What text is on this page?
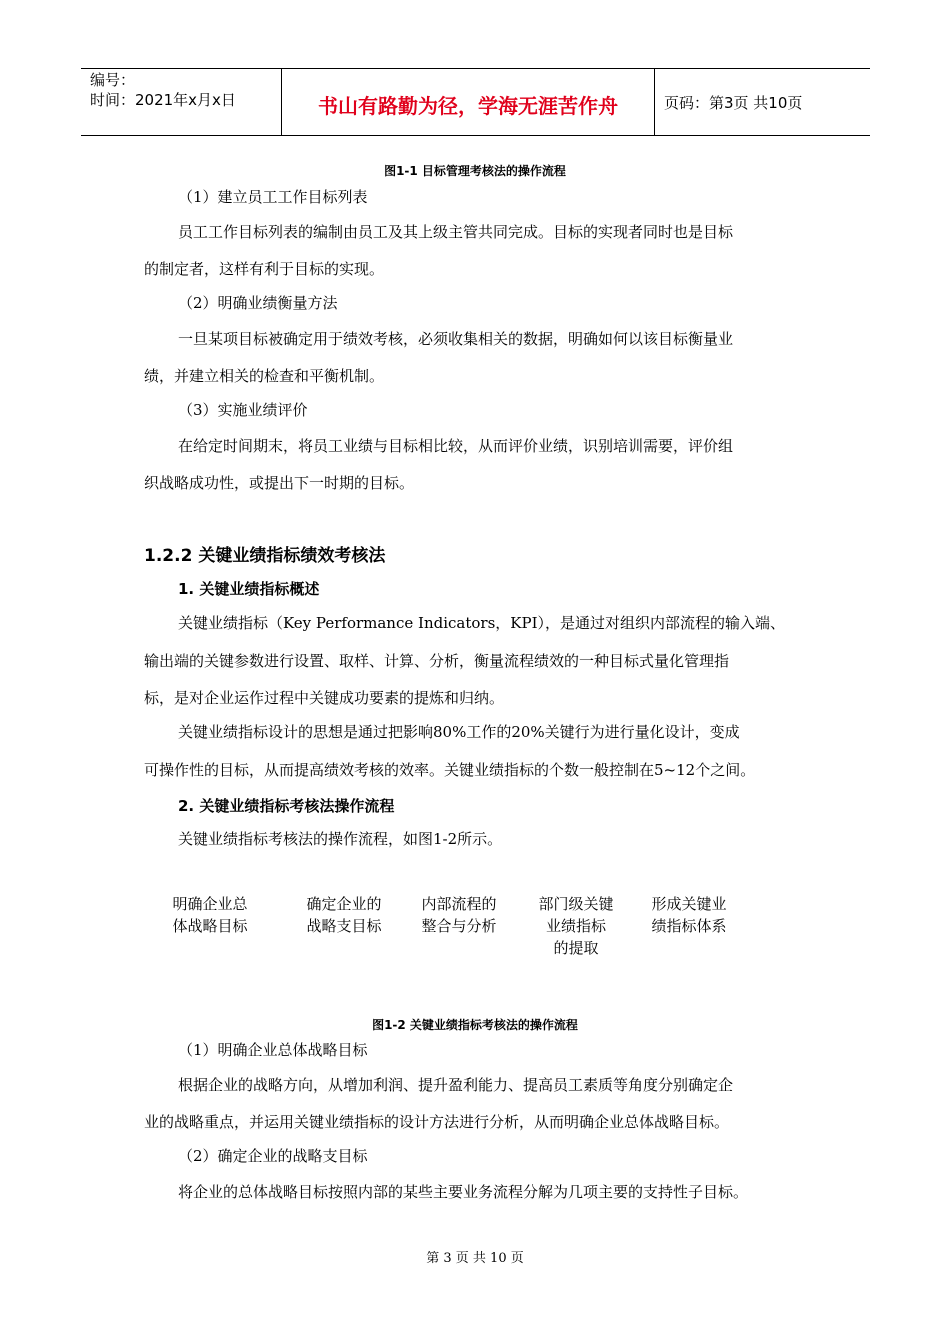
编号：
时间：2021年x月x日	书山有路勤为径，学海无涯苦作舟	页码：第3页 共10页
图1-1 目标管理考核法的操作流程
（1）建立员工工作目标列表
员工工作目标列表的编制由员工及其上级主管共同完成。目标的实现者同时也是目标
的制定者，这样有利于目标的实现。
（2）明确业绩衡量方法
一旦某项目标被确定用于绩效考核，必须收集相关的数据，明确如何以该目标衡量业
绩，并建立相关的检查和平衡机制。
（3）实施业绩评价
在给定时间期末，将员工业绩与目标相比较，从而评价业绩，识别培训需要，评价组
织战略成功性，或提出下一时期的目标。
1.2.2 关键业绩指标绩效考核法
1. 关键业绩指标概述
关键业绩指标（Key Performance Indicators，KPI），是通过对组织内部流程的输入端、
输出端的关键参数进行设置、取样、计算、分析，衡量流程绩效的一种目标式量化管理指
标，是对企业运作过程中关键成功要素的提炼和归纳。
关键业绩指标设计的思想是通过把影响80%工作的20%关键行为进行量化设计，变成
可操作性的目标，从而提高绩效考核的效率。关键业绩指标的个数一般控制在5~12个之间。
2. 关键业绩指标考核法操作流程
关键业绩指标考核法的操作流程，如图1-2所示。
明确企业总
体战略目标
确定企业的
战略支目标
内部流程的
整合与分析
部门级关键
业绩指标
的提取
形成关键业
绩指标体系
图1-2 关键业绩指标考核法的操作流程
（1）明确企业总体战略目标
根据企业的战略方向，从增加利润、提升盈利能力、提高员工素质等角度分别确定企
业的战略重点，并运用关键业绩指标的设计方法进行分析，从而明确企业总体战略目标。
（2）确定企业的战略支目标
将企业的总体战略目标按照内部的某些主要业务流程分解为几项主要的支持性子目标。
第 3 页 共 10 页
